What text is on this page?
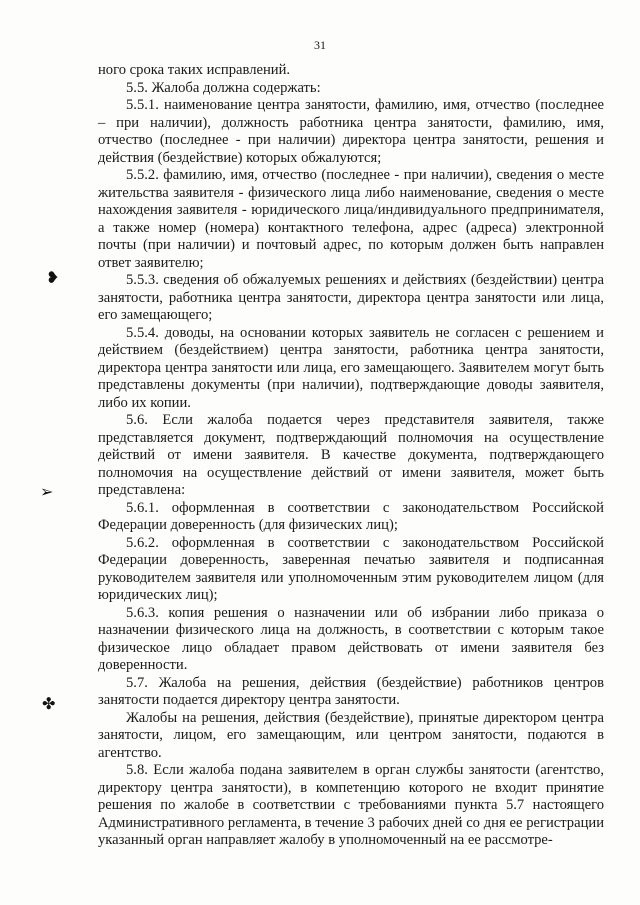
31
❥
➢
✤

ного срока таких исправлений.

5.5. Жалоба должна содержать:

5.5.1. наименование центра занятости, фамилию, имя, отчество (последнее – при наличии), должность работника центра занятости, фамилию, имя, отчество (последнее - при наличии) директора центра занятости, решения и действия (бездействие) которых обжалуются;

5.5.2. фамилию, имя, отчество (последнее - при наличии), сведения о месте жительства заявителя - физического лица либо наименование, сведения о месте нахождения заявителя - юридического лица/индивидуального предпринимателя, а также номер (номера) контактного телефона, адрес (адреса) электронной почты (при наличии) и почтовый адрес, по которым должен быть направлен ответ заявителю;

5.5.3. сведения об обжалуемых решениях и действиях (бездействии) центра занятости, работника центра занятости, директора центра занятости или лица, его замещающего;

5.5.4. доводы, на основании которых заявитель не согласен с решением и действием (бездействием) центра занятости, работника центра занятости, директора центра занятости или лица, его замещающего. Заявителем могут быть представлены документы (при наличии), подтверждающие доводы заявителя, либо их копии.

5.6. Если жалоба подается через представителя заявителя, также представляется документ, подтверждающий полномочия на осуществление действий от имени заявителя. В качестве документа, подтверждающего полномочия на осуществление действий от имени заявителя, может быть представлена:

5.6.1. оформленная в соответствии с законодательством Российской Федерации доверенность (для физических лиц);

5.6.2. оформленная в соответствии с законодательством Российской Федерации доверенность, заверенная печатью заявителя и подписанная руководителем заявителя или уполномоченным этим руководителем лицом (для юридических лиц);

5.6.3. копия решения о назначении или об избрании либо приказа о назначении физического лица на должность, в соответствии с которым такое физическое лицо обладает правом действовать от имени заявителя без доверенности.

5.7. Жалоба на решения, действия (бездействие) работников центров занятости подается директору центра занятости.

Жалобы на решения, действия (бездействие), принятые директором центра занятости, лицом, его замещающим, или центром занятости, подаются в агентство.

5.8. Если жалоба подана заявителем в орган службы занятости (агентство, директору центра занятости), в компетенцию которого не входит принятие решения по жалобе в соответствии с требованиями пункта 5.7 настоящего Административного регламента, в течение 3 рабочих дней со дня ее регистрации указанный орган направляет жалобу в уполномоченный на ее рассмотре-
